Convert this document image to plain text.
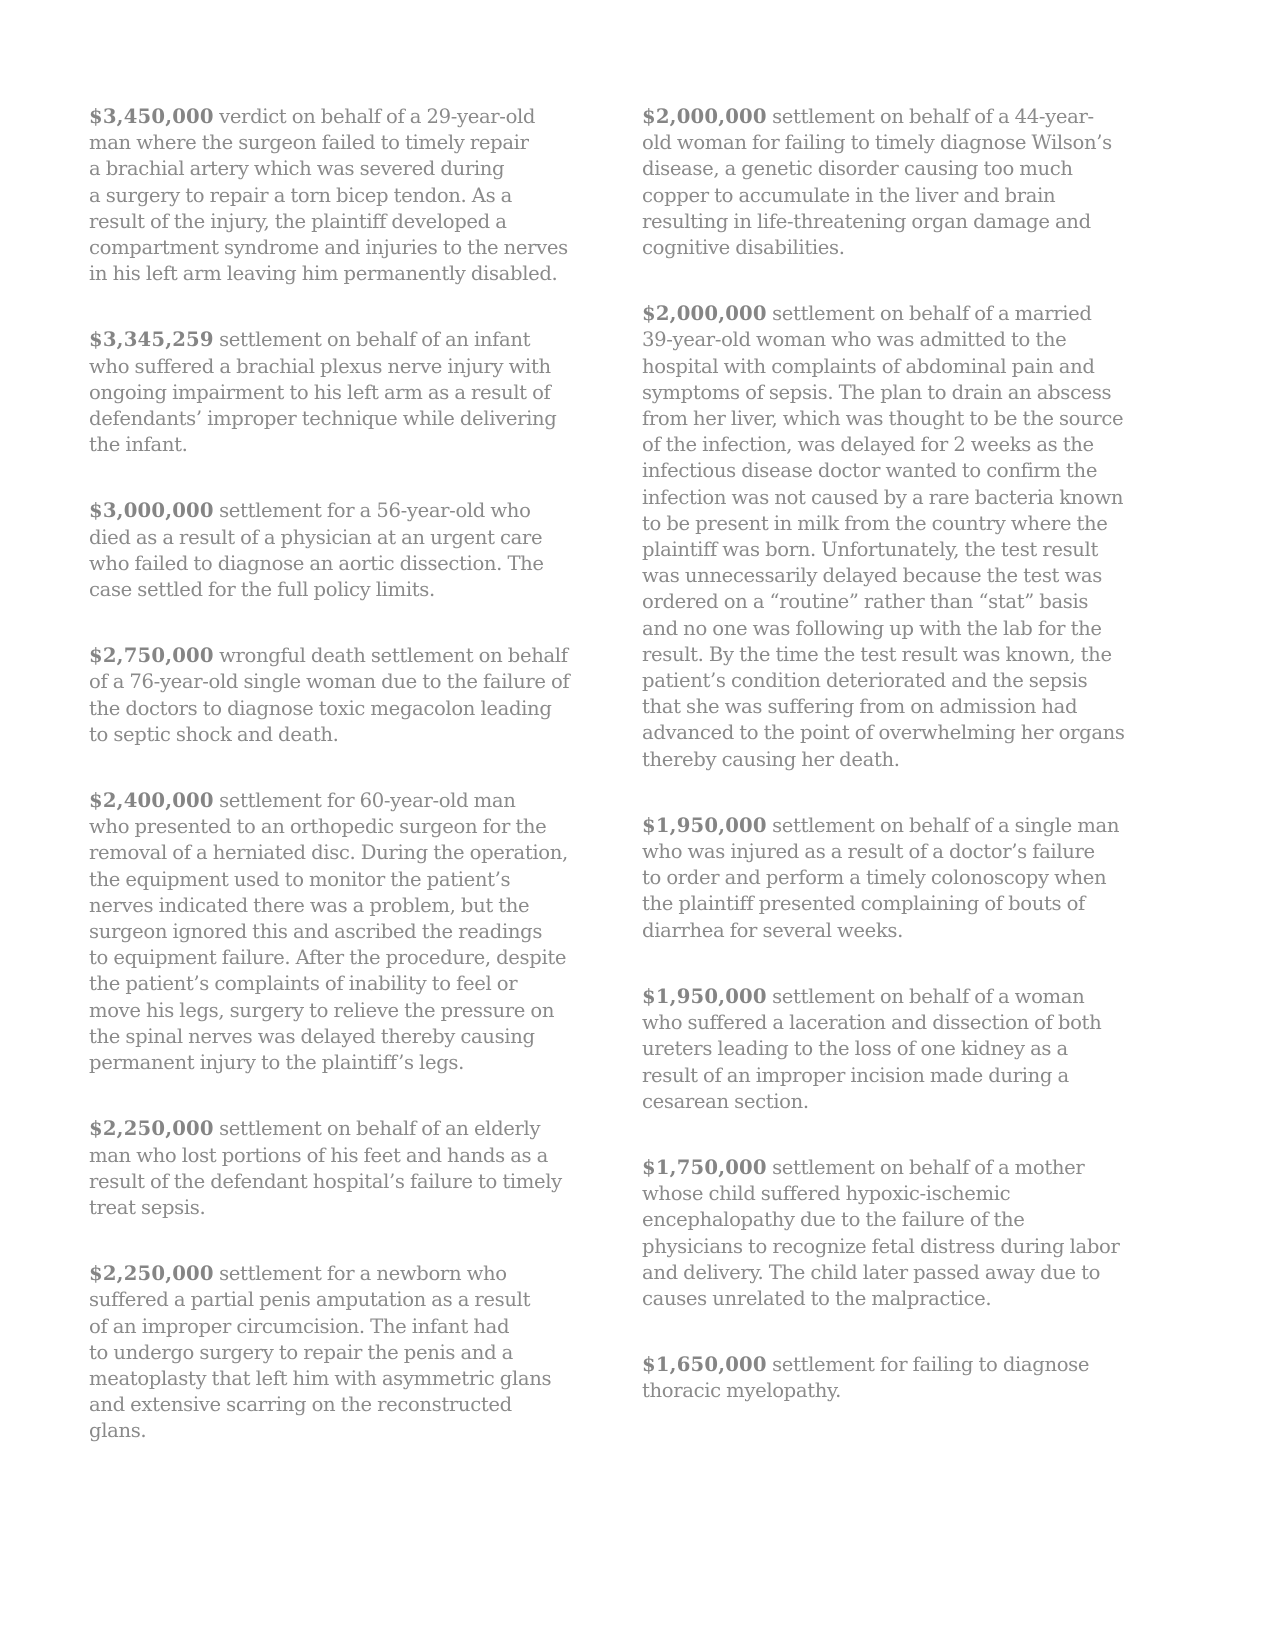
$3,450,000 verdict on behalf of a 29-year-old
man where the surgeon failed to timely repair
a brachial artery which was severed during
a surgery to repair a torn bicep tendon. As a
result of the injury, the plaintiff developed a
compartment syndrome and injuries to the nerves
in his left arm leaving him permanently disabled.

$3,345,259 settlement on behalf of an infant
who suffered a brachial plexus nerve injury with
ongoing impairment to his left arm as a result of
defendants’ improper technique while delivering
the infant.

$3,000,000 settlement for a 56-year-old who
died as a result of a physician at an urgent care
who failed to diagnose an aortic dissection. The
case settled for the full policy limits.

$2,750,000 wrongful death settlement on behalf
of a 76-year-old single woman due to the failure of
the doctors to diagnose toxic megacolon leading
to septic shock and death.

$2,400,000 settlement for 60-year-old man
who presented to an orthopedic surgeon for the
removal of a herniated disc. During the operation,
the equipment used to monitor the patient’s
nerves indicated there was a problem, but the
surgeon ignored this and ascribed the readings
to equipment failure. After the procedure, despite
the patient’s complaints of inability to feel or
move his legs, surgery to relieve the pressure on
the spinal nerves was delayed thereby causing
permanent injury to the plaintiff’s legs.

$2,250,000 settlement on behalf of an elderly
man who lost portions of his feet and hands as a
result of the defendant hospital’s failure to timely
treat sepsis.

$2,250,000 settlement for a newborn who
suffered a partial penis amputation as a result
of an improper circumcision. The infant had
to undergo surgery to repair the penis and a
meatoplasty that left him with asymmetric glans
and extensive scarring on the reconstructed
glans.

$2,000,000 settlement on behalf of a 44-year-
old woman for failing to timely diagnose Wilson’s
disease, a genetic disorder causing too much
copper to accumulate in the liver and brain
resulting in life-threatening organ damage and
cognitive disabilities.

$2,000,000 settlement on behalf of a married
39-year-old woman who was admitted to the
hospital with complaints of abdominal pain and
symptoms of sepsis. The plan to drain an abscess
from her liver, which was thought to be the source
of the infection, was delayed for 2 weeks as the
infectious disease doctor wanted to confirm the
infection was not caused by a rare bacteria known
to be present in milk from the country where the
plaintiff was born. Unfortunately, the test result
was unnecessarily delayed because the test was
ordered on a “routine” rather than “stat” basis
and no one was following up with the lab for the
result. By the time the test result was known, the
patient’s condition deteriorated and the sepsis
that she was suffering from on admission had
advanced to the point of overwhelming her organs
thereby causing her death.

$1,950,000 settlement on behalf of a single man
who was injured as a result of a doctor’s failure
to order and perform a timely colonoscopy when
the plaintiff presented complaining of bouts of
diarrhea for several weeks.

$1,950,000 settlement on behalf of a woman
who suffered a laceration and dissection of both
ureters leading to the loss of one kidney as a
result of an improper incision made during a
cesarean section.

$1,750,000 settlement on behalf of a mother
whose child suffered hypoxic-ischemic
encephalopathy due to the failure of the
physicians to recognize fetal distress during labor
and delivery. The child later passed away due to
causes unrelated to the malpractice.

$1,650,000 settlement for failing to diagnose
thoracic myelopathy.
